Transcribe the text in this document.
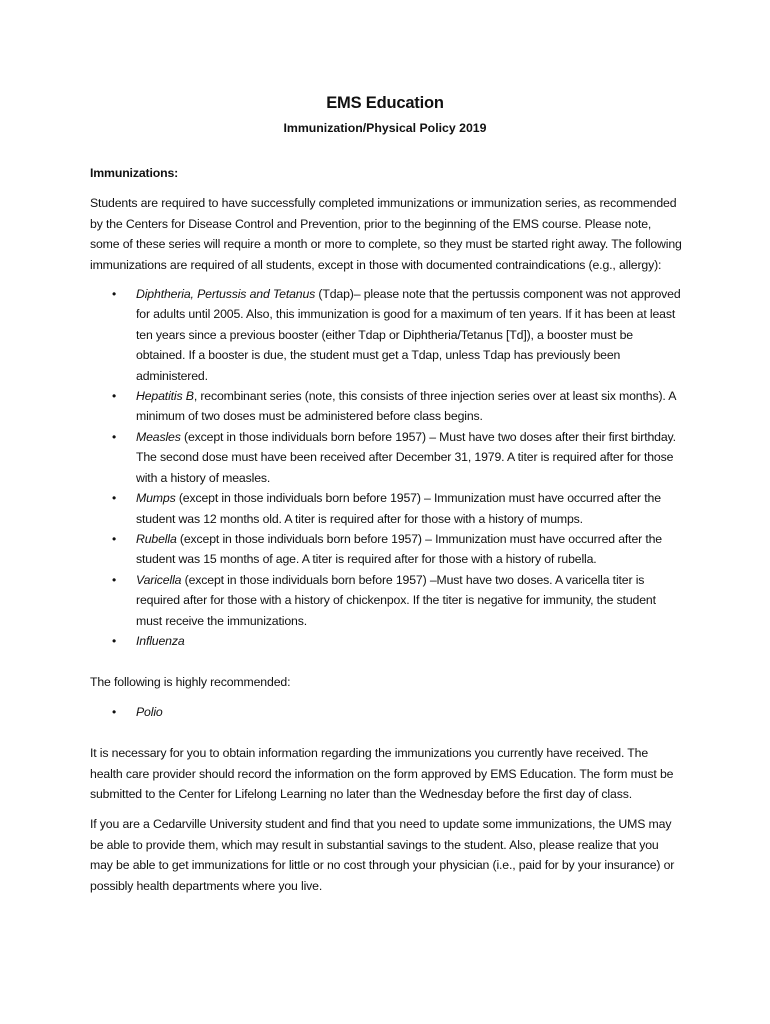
EMS Education
Immunization/Physical Policy 2019

Immunizations:

Students are required to have successfully completed immunizations or immunization series, as recommended by the Centers for Disease Control and Prevention, prior to the beginning of the EMS course. Please note, some of these series will require a month or more to complete, so they must be started right away. The following immunizations are required of all students, except in those with documented contraindications (e.g., allergy):

• Diphtheria, Pertussis and Tetanus (Tdap)– please note that the pertussis component was not approved for adults until 2005. Also, this immunization is good for a maximum of ten years. If it has been at least ten years since a previous booster (either Tdap or Diphtheria/Tetanus [Td]), a booster must be obtained. If a booster is due, the student must get a Tdap, unless Tdap has previously been administered.
• Hepatitis B, recombinant series (note, this consists of three injection series over at least six months). A minimum of two doses must be administered before class begins.
• Measles (except in those individuals born before 1957) – Must have two doses after their first birthday. The second dose must have been received after December 31, 1979. A titer is required after for those with a history of measles.
• Mumps (except in those individuals born before 1957) – Immunization must have occurred after the student was 12 months old. A titer is required after for those with a history of mumps.
• Rubella (except in those individuals born before 1957) – Immunization must have occurred after the student was 15 months of age. A titer is required after for those with a history of rubella.
• Varicella (except in those individuals born before 1957) –Must have two doses. A varicella titer is required after for those with a history of chickenpox. If the titer is negative for immunity, the student must receive the immunizations.
• Influenza

The following is highly recommended:

• Polio

It is necessary for you to obtain information regarding the immunizations you currently have received. The health care provider should record the information on the form approved by EMS Education. The form must be submitted to the Center for Lifelong Learning no later than the Wednesday before the first day of class.

If you are a Cedarville University student and find that you need to update some immunizations, the UMS may be able to provide them, which may result in substantial savings to the student. Also, please realize that you may be able to get immunizations for little or no cost through your physician (i.e., paid for by your insurance) or possibly health departments where you live.
